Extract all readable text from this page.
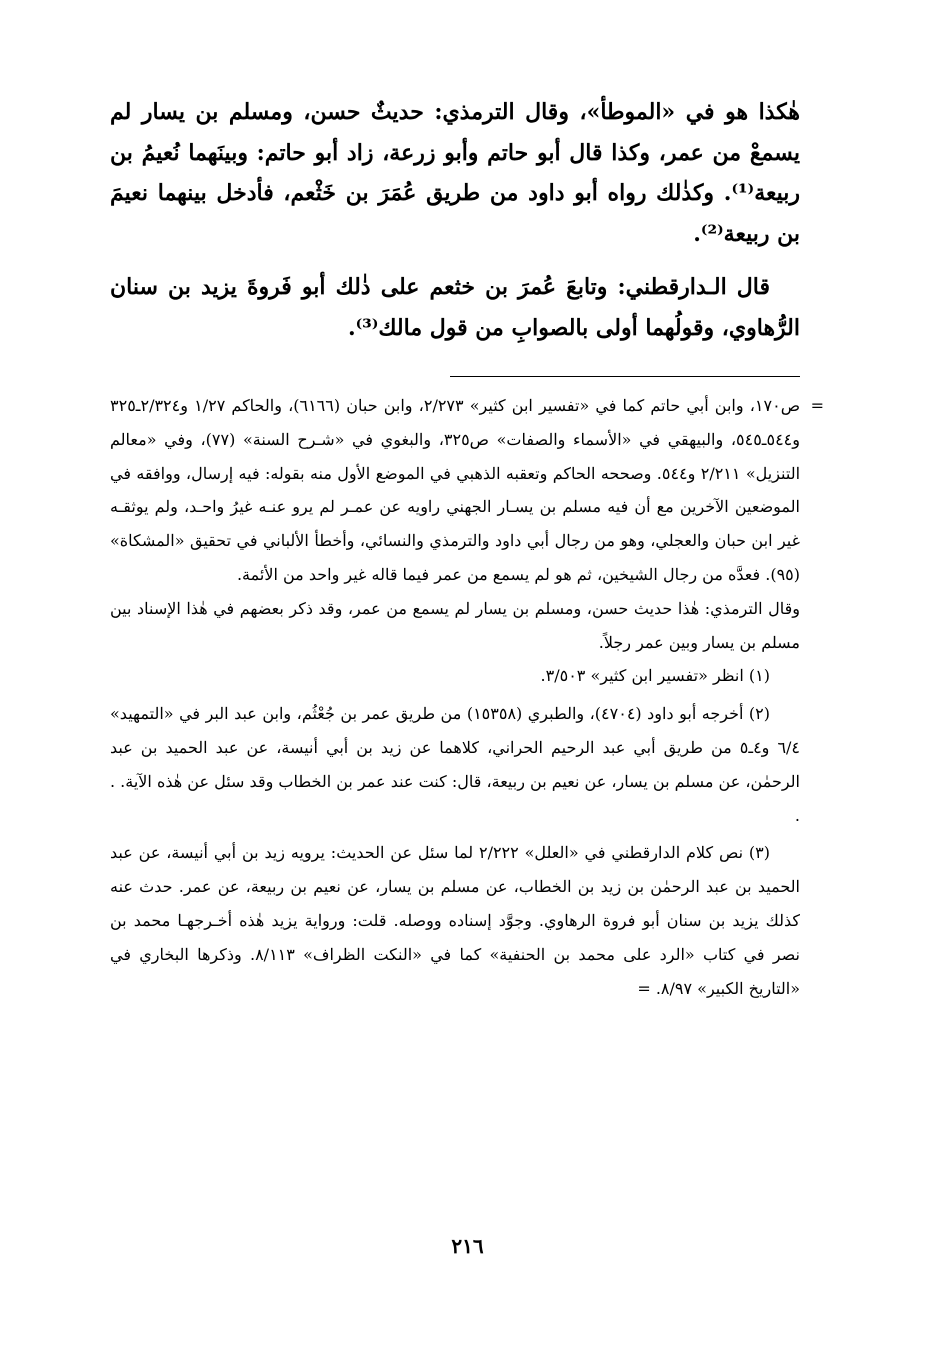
هٰكذا هو في «الموطأ»، وقال الترمذي: حديثٌ حسن، ومسلم بن يسار لم يسمعْ من عمر، وكذا قال أبو حاتم وأبو زرعة، زاد أبو حاتم: وبينَهما نُعيمُ بن ربيعة⁽¹⁾. وكذٰلك رواه أبو داود من طريق عُمَرَ بن خَثْعم، فأدخل بينهما نعيمَ بن ربيعة⁽²⁾.

قال الـدارقطني: وتابعَ عُمرَ بن خثعم على ذٰلك أبو فَروةَ يزيد بن سنان الرُّهاوي، وقولُهما أولى بالصوابِ من قول مالك⁽³⁾.

=
ص١٧٠، وابن أبي حاتم كما في «تفسير ابن كثير» ٢/٢٧٣، وابن حبان (٦١٦٦)، والحاكم ١/٢٧ و٢/٣٢٤ـ٣٢٥ و٥٤٤ـ٥٤٥، والبيهقي في «الأسماء والصفات» ص٣٢٥، والبغوي في «شـرح السنة» (٧٧)، وفي «معالم التنزيل» ٢/٢١١ و٥٤٤. وصححه الحاكم وتعقبه الذهبي في الموضع الأول منه بقوله: فيه إرسال، ووافقه في الموضعين الآخرين مع أن فيه مسلم بن يسـار الجهني راويه عن عمـر لم يرو عنـه غيرُ واحـد، ولم يوثقـه غير ابن حبان والعجلي، وهو من رجال أبي داود والترمذي والنسائي، وأخطأ الألباني في تحقيق «المشكاة» (٩٥). فعدَّه من رجال الشيخين، ثم هو لم يسمع من عمر فيما قاله غير واحد من الأئمة.

وقال الترمذي: هٰذا حديث حسن، ومسلم بن يسار لم يسمع من عمر، وقد ذكر بعضهم في هٰذا الإسناد بين مسلم بن يسار وبين عمر رجلاً.

(١) انظر «تفسير ابن كثير» ٣/٥٠٣.

(٢) أخرجه أبو داود (٤٧٠٤)، والطبري (١٥٣٥٨) من طريق عمر بن جُعْثُم، وابن عبد البر في «التمهيد» ٦/٤ و٤ـ٥ من طريق أبي عبد الرحيم الحراني، كلاهما عن زيد بن أبي أنيسة، عن عبد الحميد بن عبد الرحمٰن، عن مسلم بن يسار، عن نعيم بن ربيعة، قال: كنت عند عمر بن الخطاب وقد سئل عن هٰذه الآية. . .

(٣) نص كلام الدارقطني في «العلل» ٢/٢٢٢ لما سئل عن الحديث: يرويه زيد بن أبي أنيسة، عن عبد الحميد بن عبد الرحمٰن بن زيد بن الخطاب، عن مسلم بن يسار، عن نعيم بن ربيعة، عن عمر. حدث عنه كذلك يزيد بن سنان أبو فروة الرهاوي. وجوَّد إسناده ووصله. قلت: ورواية يزيد هٰذه أخـرجهـا محمد بن نصر في كتاب «الرد على محمد بن الحنفية» كما في «النكت الظراف» ٨/١١٣. وذكرها البخاري في «التاريخ الكبير» ٨/٩٧. =

٢١٦
